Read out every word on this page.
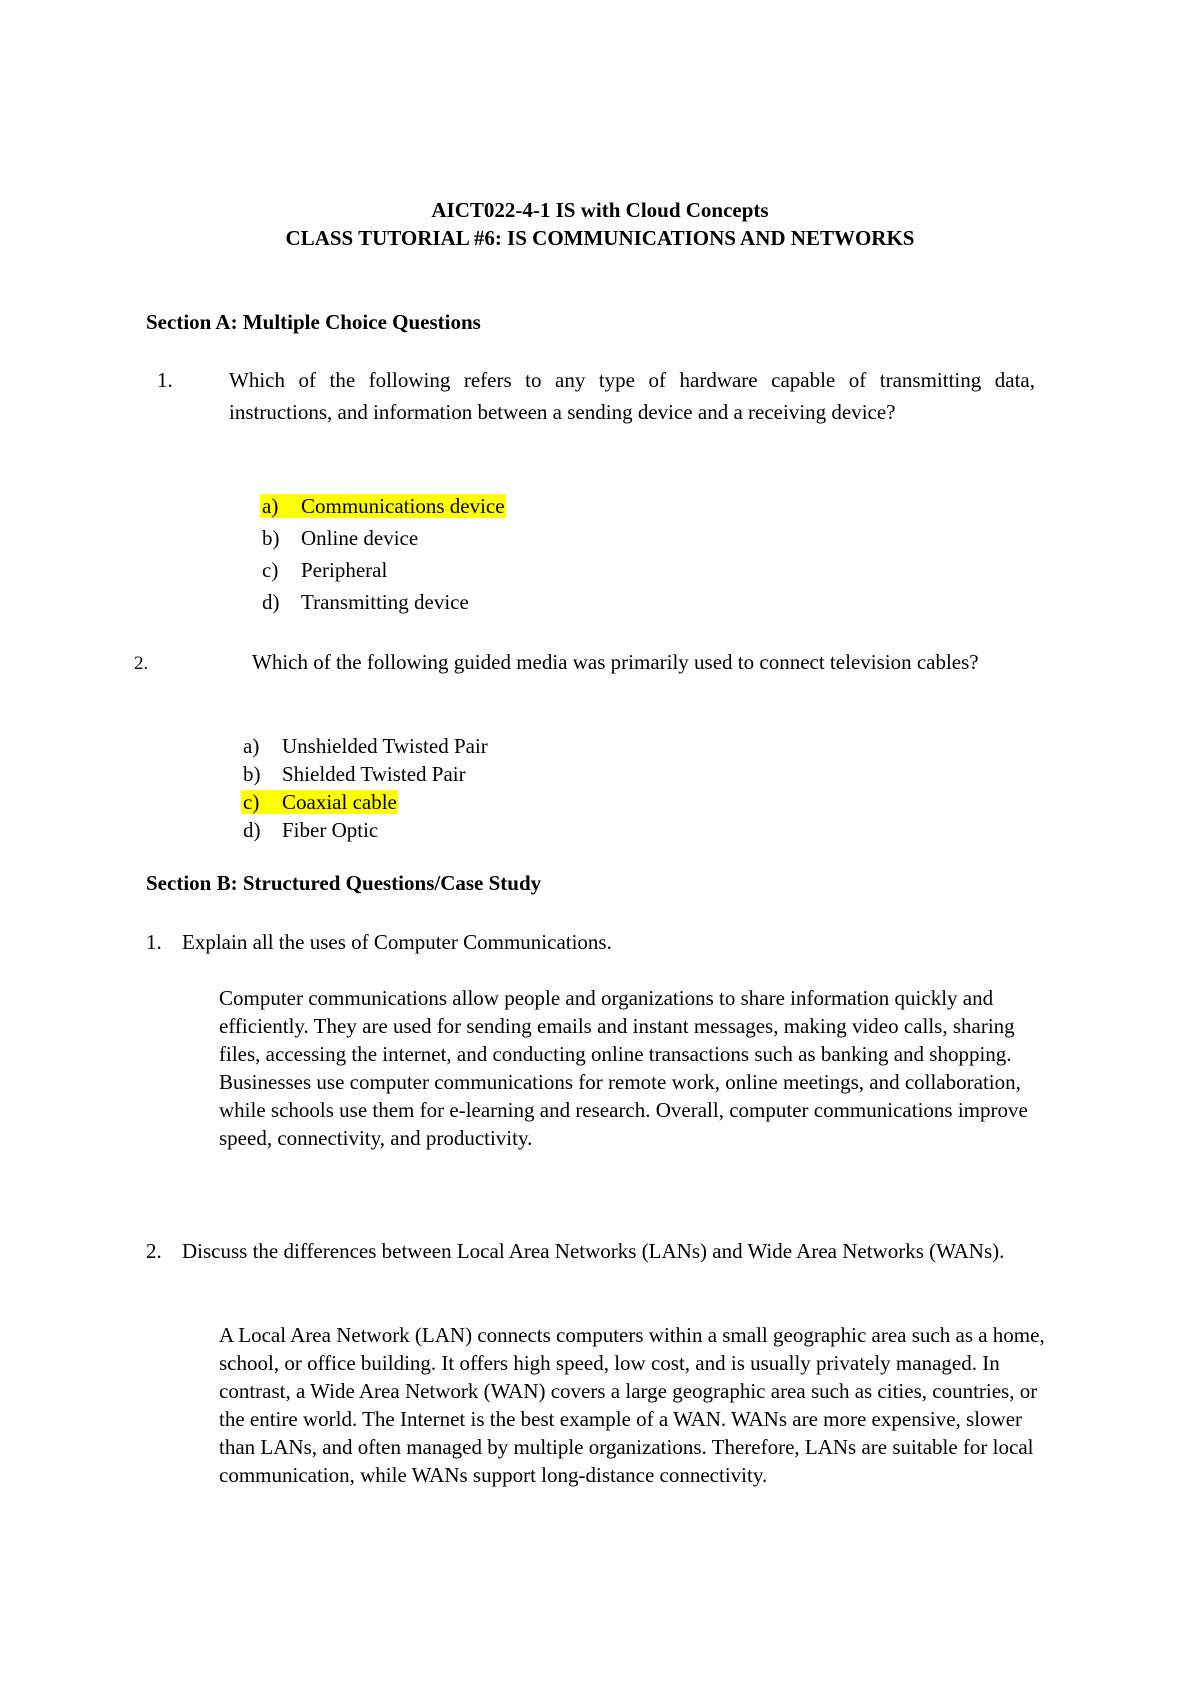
AICT022-4-1 IS with Cloud Concepts
CLASS TUTORIAL #6: IS COMMUNICATIONS AND NETWORKS
Section A: Multiple Choice Questions
1.	Which of the following refers to any type of hardware capable of transmitting data, instructions, and information between a sending device and a receiving device?
a) Communications device
b) Online device
c) Peripheral
d) Transmitting device
2.	Which of the following guided media was primarily used to connect television cables?
a) Unshielded Twisted Pair
b) Shielded Twisted Pair
c) Coaxial cable
d) Fiber Optic
Section B: Structured Questions/Case Study
1. Explain all the uses of Computer Communications.
Computer communications allow people and organizations to share information quickly and efficiently. They are used for sending emails and instant messages, making video calls, sharing files, accessing the internet, and conducting online transactions such as banking and shopping. Businesses use computer communications for remote work, online meetings, and collaboration, while schools use them for e-learning and research. Overall, computer communications improve speed, connectivity, and productivity.
2. Discuss the differences between Local Area Networks (LANs) and Wide Area Networks (WANs).
A Local Area Network (LAN) connects computers within a small geographic area such as a home, school, or office building. It offers high speed, low cost, and is usually privately managed. In contrast, a Wide Area Network (WAN) covers a large geographic area such as cities, countries, or the entire world. The Internet is the best example of a WAN. WANs are more expensive, slower than LANs, and often managed by multiple organizations. Therefore, LANs are suitable for local communication, while WANs support long-distance connectivity.
